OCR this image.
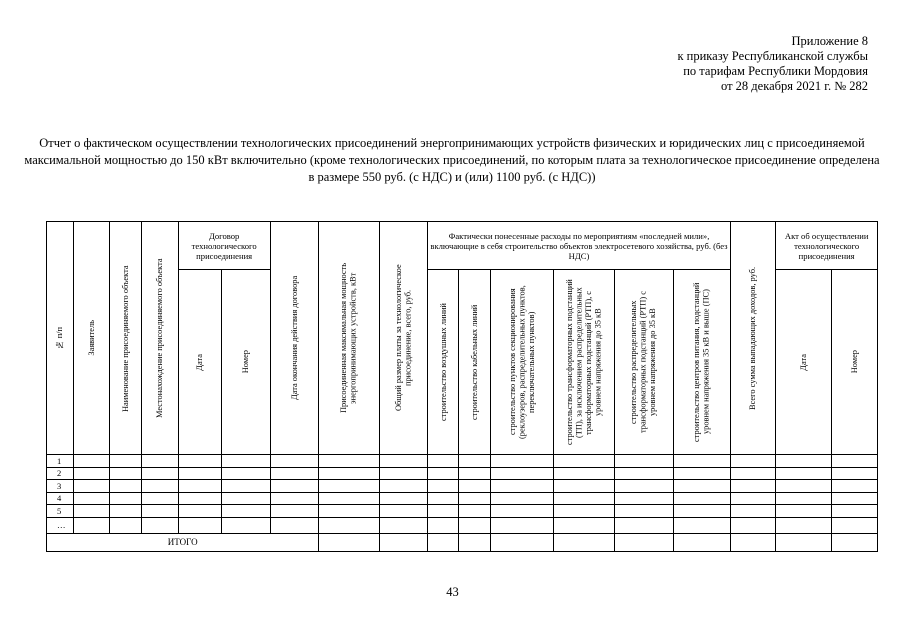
Приложение 8
к приказу Республиканской службы
по тарифам Республики Мордовия
от 28 декабря 2021 г. № 282
Отчет о фактическом осуществлении технологических присоединений энергопринимающих устройств физических и юридических лиц с присоединяемой максимальной мощностью до 150 кВт включительно (кроме технологических присоединений, по которым плата за технологическое присоединение определена в размере 550 руб. (с НДС) и (или) 1100 руб. (с НДС))
№ п/п	Заявитель	Наименование присоединяемого объекта	Местонахождение присоединяемого объекта	Договор технологического присоединения		Дата окончания действия договора	Присоединенная максимальная мощность энергопринимающих устройств, кВт	Общий размер платы за технологическое присоединение, всего, руб.	Фактически понесенные расходы по мероприятиям «последней мили», включающие в себя строительство объектов электросетевого хозяйства, руб. (без НДС)						Всего сумма выпадающих доходов, руб.	Акт об осуществлении технологического присоединения	

				Дата	Номер				строительство воздушных линий	строительство кабельных линий	строительство пунктов секционирования (реклоузеров, распределительных пунктов, переключательных пунктов)	строительство трансформаторных подстанций (ТП), за исключением распределительных трансформаторных подстанций (РТП), с уровнем напряжения до 35 кВ	строительство распределительных трансформаторных подстанций (РТП) с уровнем напряжения до 35 кВ	строительство центров питания, подстанций уровнем напряжения 35 кВ и выше (ПС)		Дата	Номер

1																	
2																	
3																	
4																	
5																	
…																	
ИТОГО																	
43
